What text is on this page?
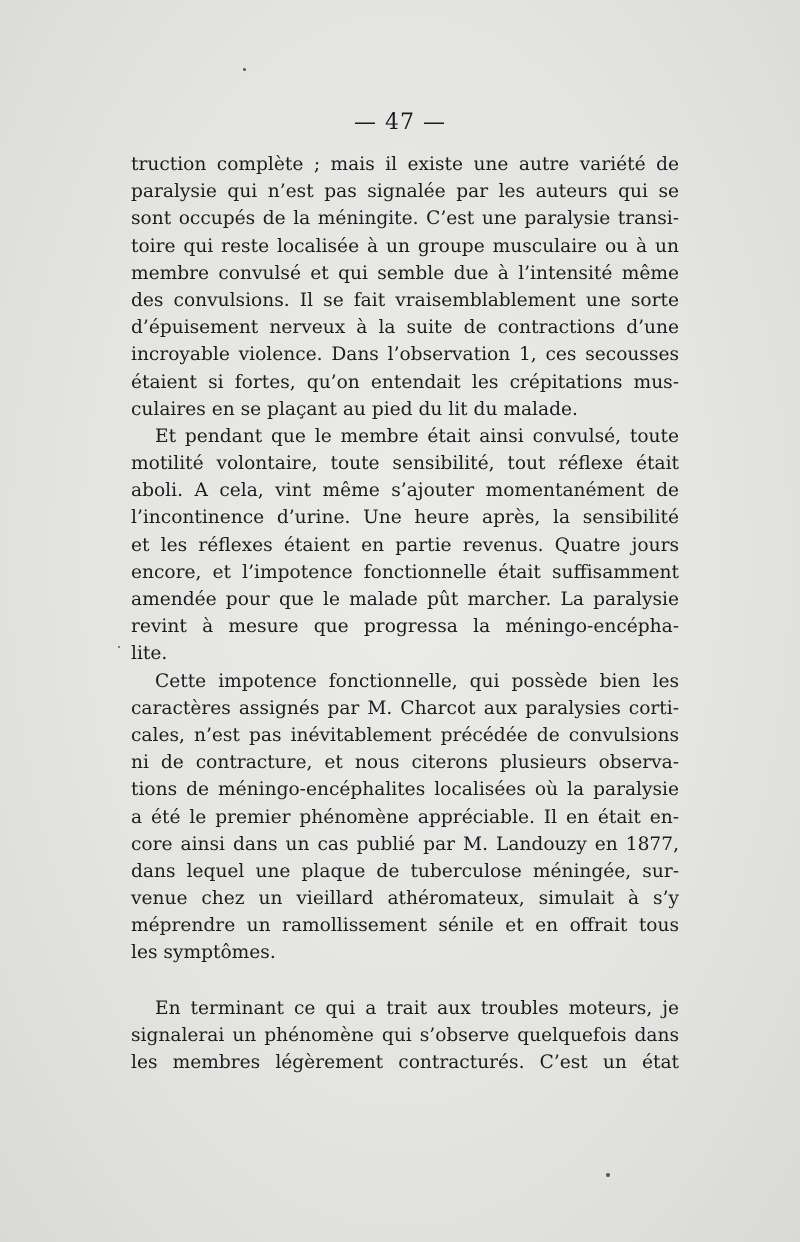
— 47 —
truction complète ; mais il existe une autre variété de
paralysie qui n’est pas signalée par les auteurs qui se
sont occupés de la méningite. C’est une paralysie transi-
toire qui reste localisée à un groupe musculaire ou à un
membre convulsé et qui semble due à l’intensité même
des convulsions. Il se fait vraisemblablement une sorte
d’épuisement nerveux à la suite de contractions d’une
incroyable violence. Dans l’observation 1, ces secousses
étaient si fortes, qu’on entendait les crépitations mus-
culaires en se plaçant au pied du lit du malade.
Et pendant que le membre était ainsi convulsé, toute
motilité volontaire, toute sensibilité, tout réflexe était
aboli. A cela, vint même s’ajouter momentanément de
l’incontinence d’urine. Une heure après, la sensibilité
et les réflexes étaient en partie revenus. Quatre jours
encore, et l’impotence fonctionnelle était suffisamment
amendée pour que le malade pût marcher. La paralysie
revint à mesure que progressa la méningo-encépha-
lite.
Cette impotence fonctionnelle, qui possède bien les
caractères assignés par M. Charcot aux paralysies corti-
cales, n’est pas inévitablement précédée de convulsions
ni de contracture, et nous citerons plusieurs observa-
tions de méningo-encéphalites localisées où la paralysie
a été le premier phénomène appréciable. Il en était en-
core ainsi dans un cas publié par M. Landouzy en 1877,
dans lequel une plaque de tuberculose méningée, sur-
venue chez un vieillard athéromateux, simulait à s’y
méprendre un ramollissement sénile et en offrait tous
les symptômes.
En terminant ce qui a trait aux troubles moteurs, je
signalerai un phénomène qui s’observe quelquefois dans
les membres légèrement contracturés. C’est un état
